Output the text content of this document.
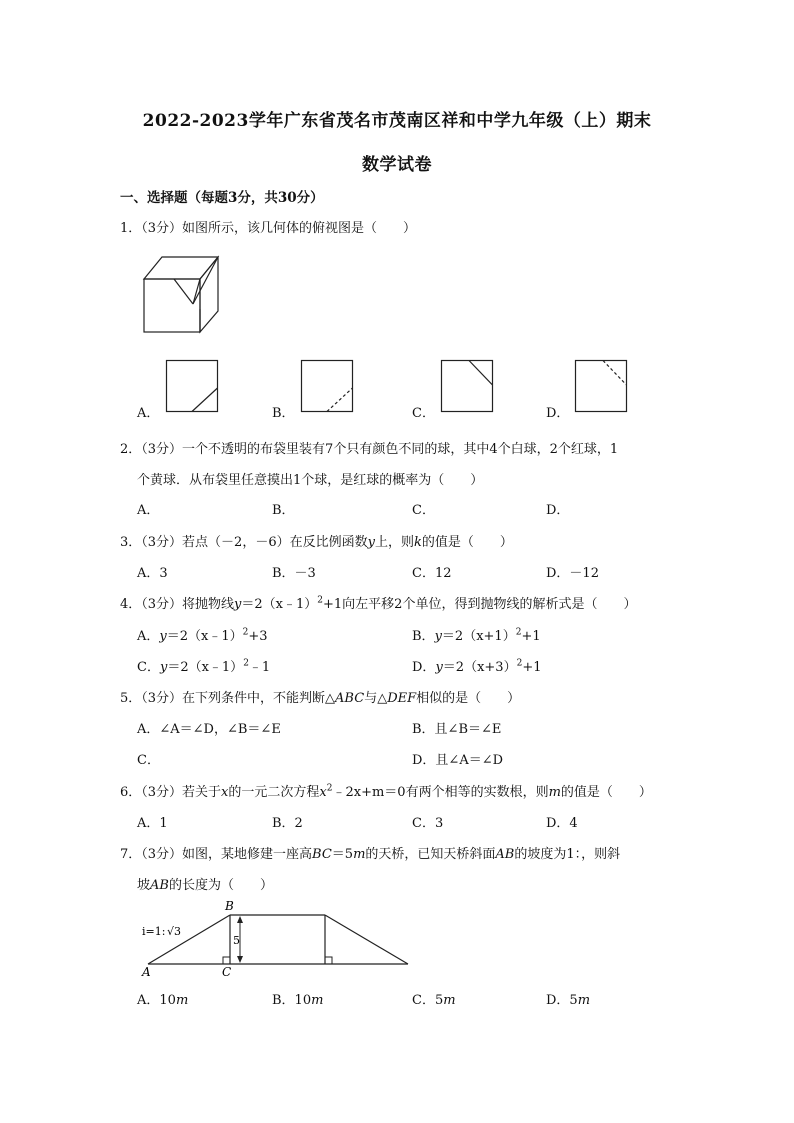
2022-2023学年广东省茂名市茂南区祥和中学九年级（上）期末
数学试卷
一、选择题（每题3分，共30分）
1．（3分）如图所示，该几何体的俯视图是（　　）
A．	B．	C．	D．
2．（3分）一个不透明的布袋里装有7个只有颜色不同的球，其中4个白球，2个红球，1
个黄球．从布袋里任意摸出1个球，是红球的概率为（　　）
A．	B．	C．	D．
3．（3分）若点（－2，－6）在反比例函数y上，则k的值是（　　）
A．3	B．－3	C．12	D．－12
4．（3分）将抛物线y＝2（x﹣1）$^2$+1向左平移2个单位，得到抛物线的解析式是（　　）
A．y＝2（x﹣1）$^2$+3	B．$y=2(x+1)^2+1$
C．y＝2（x﹣1）$^2$﹣1	D．$y=2(x+3)^2+1$
5．（3分）在下列条件中，不能判断△ABC与△DEF相似的是（　　）
A．∠A＝∠D，∠B＝∠E	B．且∠B＝∠E
C．	D．且∠A＝∠D
6．（3分）若关于x的一元二次方程$x^2﹣2x+m=0$有两个相等的实数根，则m的值是（　　）
A．1	B．2	C．3	D．4
7．（3分）如图，某地修建一座高BC＝5m的天桥，已知天桥斜面AB的坡度为1：，则斜
坡AB的长度为（　　）
B
A	C
5
i=1: √3
A．10m	B．10m	C．5m	D．5m
